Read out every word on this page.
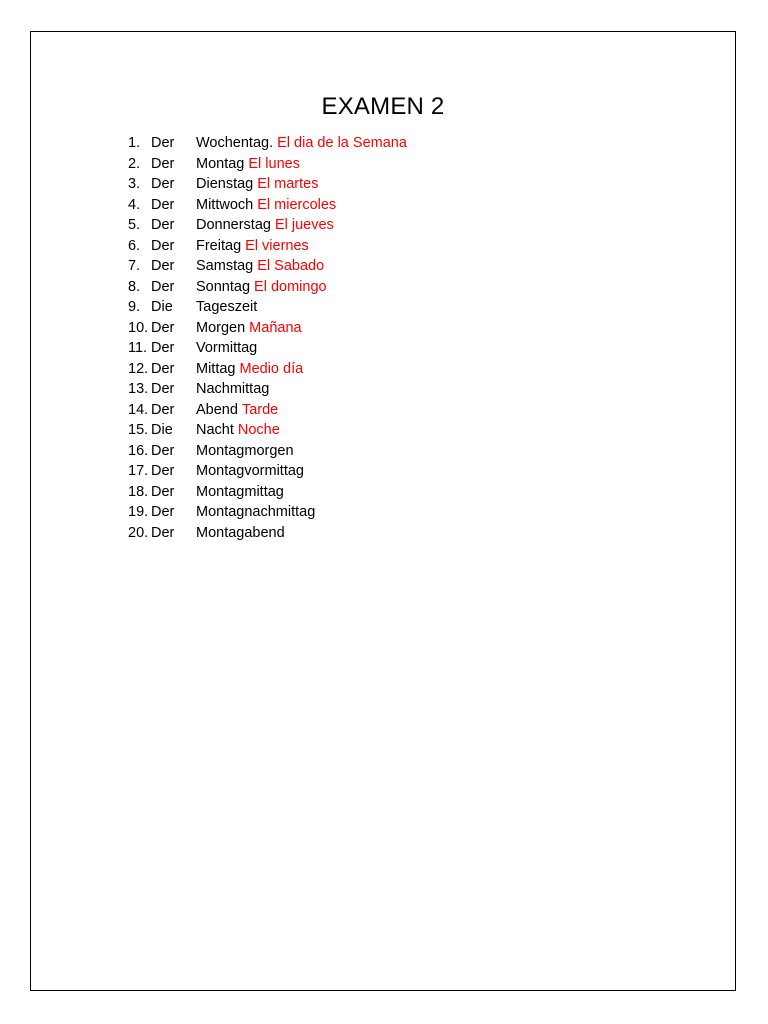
EXAMEN 2
1. Der	Wochentag. El dia de la Semana
2. Der	Montag El lunes
3. Der	Dienstag El martes
4. Der	Mittwoch El miercoles
5. Der	Donnerstag El jueves
6. Der	Freitag El viernes
7. Der	Samstag El Sabado
8. Der	Sonntag El domingo
9. Die	Tageszeit
10. Der	Morgen Mañana
11. Der	Vormittag
12. Der	Mittag Medio día
13. Der	Nachmittag
14. Der	Abend Tarde
15. Die	Nacht Noche
16. Der	Montagmorgen
17. Der	Montagvormittag
18. Der	Montagmittag
19. Der	Montagnachmittag
20. Der	Montagabend
